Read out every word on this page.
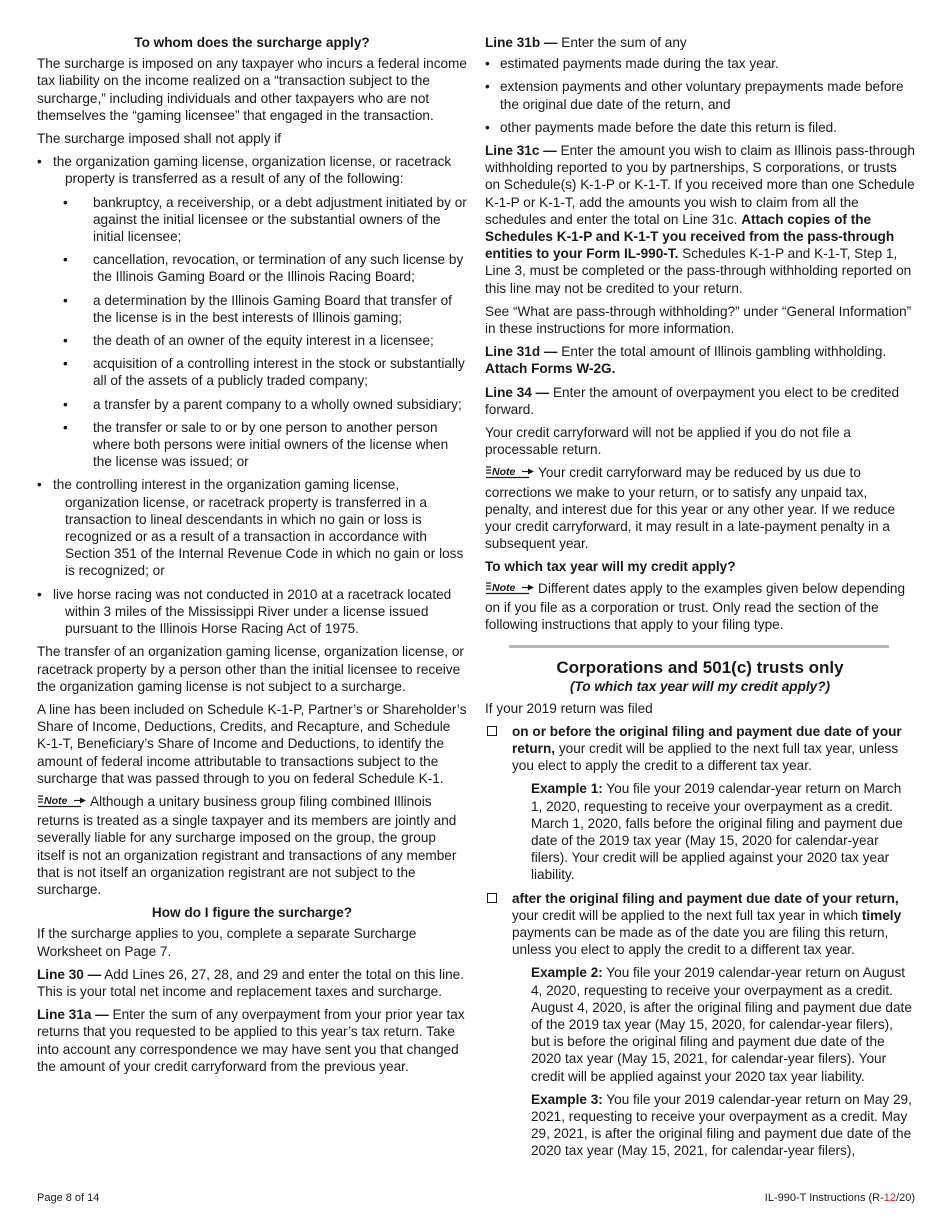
To whom does the surcharge apply?

The surcharge is imposed on any taxpayer who incurs a federal income tax liability on the income realized on a “transaction subject to the surcharge,” including individuals and other taxpayers who are not themselves the “gaming licensee” that engaged in the transaction.

The surcharge imposed shall not apply if

• the organization gaming license, organization license, or racetrack property is transferred as a result of any of the following:
• bankruptcy, a receivership, or a debt adjustment initiated by or against the initial licensee or the substantial owners of the initial licensee;
• cancellation, revocation, or termination of any such license by the Illinois Gaming Board or the Illinois Racing Board;
• a determination by the Illinois Gaming Board that transfer of the license is in the best interests of Illinois gaming;
• the death of an owner of the equity interest in a licensee;
• acquisition of a controlling interest in the stock or substantially all of the assets of a publicly traded company;
• a transfer by a parent company to a wholly owned subsidiary;
• the transfer or sale to or by one person to another person where both persons were initial owners of the license when the license was issued; or
• the controlling interest in the organization gaming license, organization license, or racetrack property is transferred in a transaction to lineal descendants in which no gain or loss is recognized or as a result of a transaction in accordance with Section 351 of the Internal Revenue Code in which no gain or loss is recognized; or
• live horse racing was not conducted in 2010 at a racetrack located within 3 miles of the Mississippi River under a license issued pursuant to the Illinois Horse Racing Act of 1975.

The transfer of an organization gaming license, organization license, or racetrack property by a person other than the initial licensee to receive the organization gaming license is not subject to a surcharge.

A line has been included on Schedule K-1-P, Partner’s or Shareholder’s Share of Income, Deductions, Credits, and Recapture, and Schedule K-1-T, Beneficiary’s Share of Income and Deductions, to identify the amount of federal income attributable to transactions subject to the surcharge that was passed through to you on federal Schedule K-1.

Note Although a unitary business group filing combined Illinois returns is treated as a single taxpayer and its members are jointly and severally liable for any surcharge imposed on the group, the group itself is not an organization registrant and transactions of any member that is not itself an organization registrant are not subject to the surcharge.

How do I figure the surcharge?

If the surcharge applies to you, complete a separate Surcharge Worksheet on Page 7.

Line 30 — Add Lines 26, 27, 28, and 29 and enter the total on this line. This is your total net income and replacement taxes and surcharge.

Line 31a — Enter the sum of any overpayment from your prior year tax returns that you requested to be applied to this year’s tax return. Take into account any correspondence we may have sent you that changed the amount of your credit carryforward from the previous year.

Line 31b — Enter the sum of any

• estimated payments made during the tax year.
• extension payments and other voluntary prepayments made before the original due date of the return, and
• other payments made before the date this return is filed.

Line 31c — Enter the amount you wish to claim as Illinois pass-through withholding reported to you by partnerships, S corporations, or trusts on Schedule(s) K-1-P or K-1-T. If you received more than one Schedule K-1-P or K-1-T, add the amounts you wish to claim from all the schedules and enter the total on Line 31c. Attach copies of the Schedules K-1-P and K-1-T you received from the pass-through entities to your Form IL-990-T. Schedules K-1-P and K-1-T, Step 1, Line 3, must be completed or the pass-through withholding reported on this line may not be credited to your return.

See “What are pass-through withholding?” under “General Information” in these instructions for more information.

Line 31d — Enter the total amount of Illinois gambling withholding. Attach Forms W-2G.

Line 34 — Enter the amount of overpayment you elect to be credited forward.

Your credit carryforward will not be applied if you do not file a processable return.

Note Your credit carryforward may be reduced by us due to corrections we make to your return, or to satisfy any unpaid tax, penalty, and interest due for this year or any other year. If we reduce your credit carryforward, it may result in a late-payment penalty in a subsequent year.

To which tax year will my credit apply?

Note Different dates apply to the examples given below depending on if you file as a corporation or trust. Only read the section of the following instructions that apply to your filing type.

Corporations and 501(c) trusts only
(To which tax year will my credit apply?)

If your 2019 return was filed

on or before the original filing and payment due date of your return, your credit will be applied to the next full tax year, unless you elect to apply the credit to a different tax year.

Example 1: You file your 2019 calendar-year return on March 1, 2020, requesting to receive your overpayment as a credit. March 1, 2020, falls before the original filing and payment due date of the 2019 tax year (May 15, 2020 for calendar-year filers). Your credit will be applied against your 2020 tax year liability.

after the original filing and payment due date of your return, your credit will be applied to the next full tax year in which timely payments can be made as of the date you are filing this return, unless you elect to apply the credit to a different tax year.

Example 2: You file your 2019 calendar-year return on August 4, 2020, requesting to receive your overpayment as a credit. August 4, 2020, is after the original filing and payment due date of the 2019 tax year (May 15, 2020, for calendar-year filers), but is before the original filing and payment due date of the 2020 tax year (May 15, 2021, for calendar-year filers). Your credit will be applied against your 2020 tax year liability.

Example 3: You file your 2019 calendar-year return on May 29, 2021, requesting to receive your overpayment as a credit. May 29, 2021, is after the original filing and payment due date of the 2020 tax year (May 15, 2021, for calendar-year filers),

Page 8 of 14	IL-990-T Instructions (R-12/20)
